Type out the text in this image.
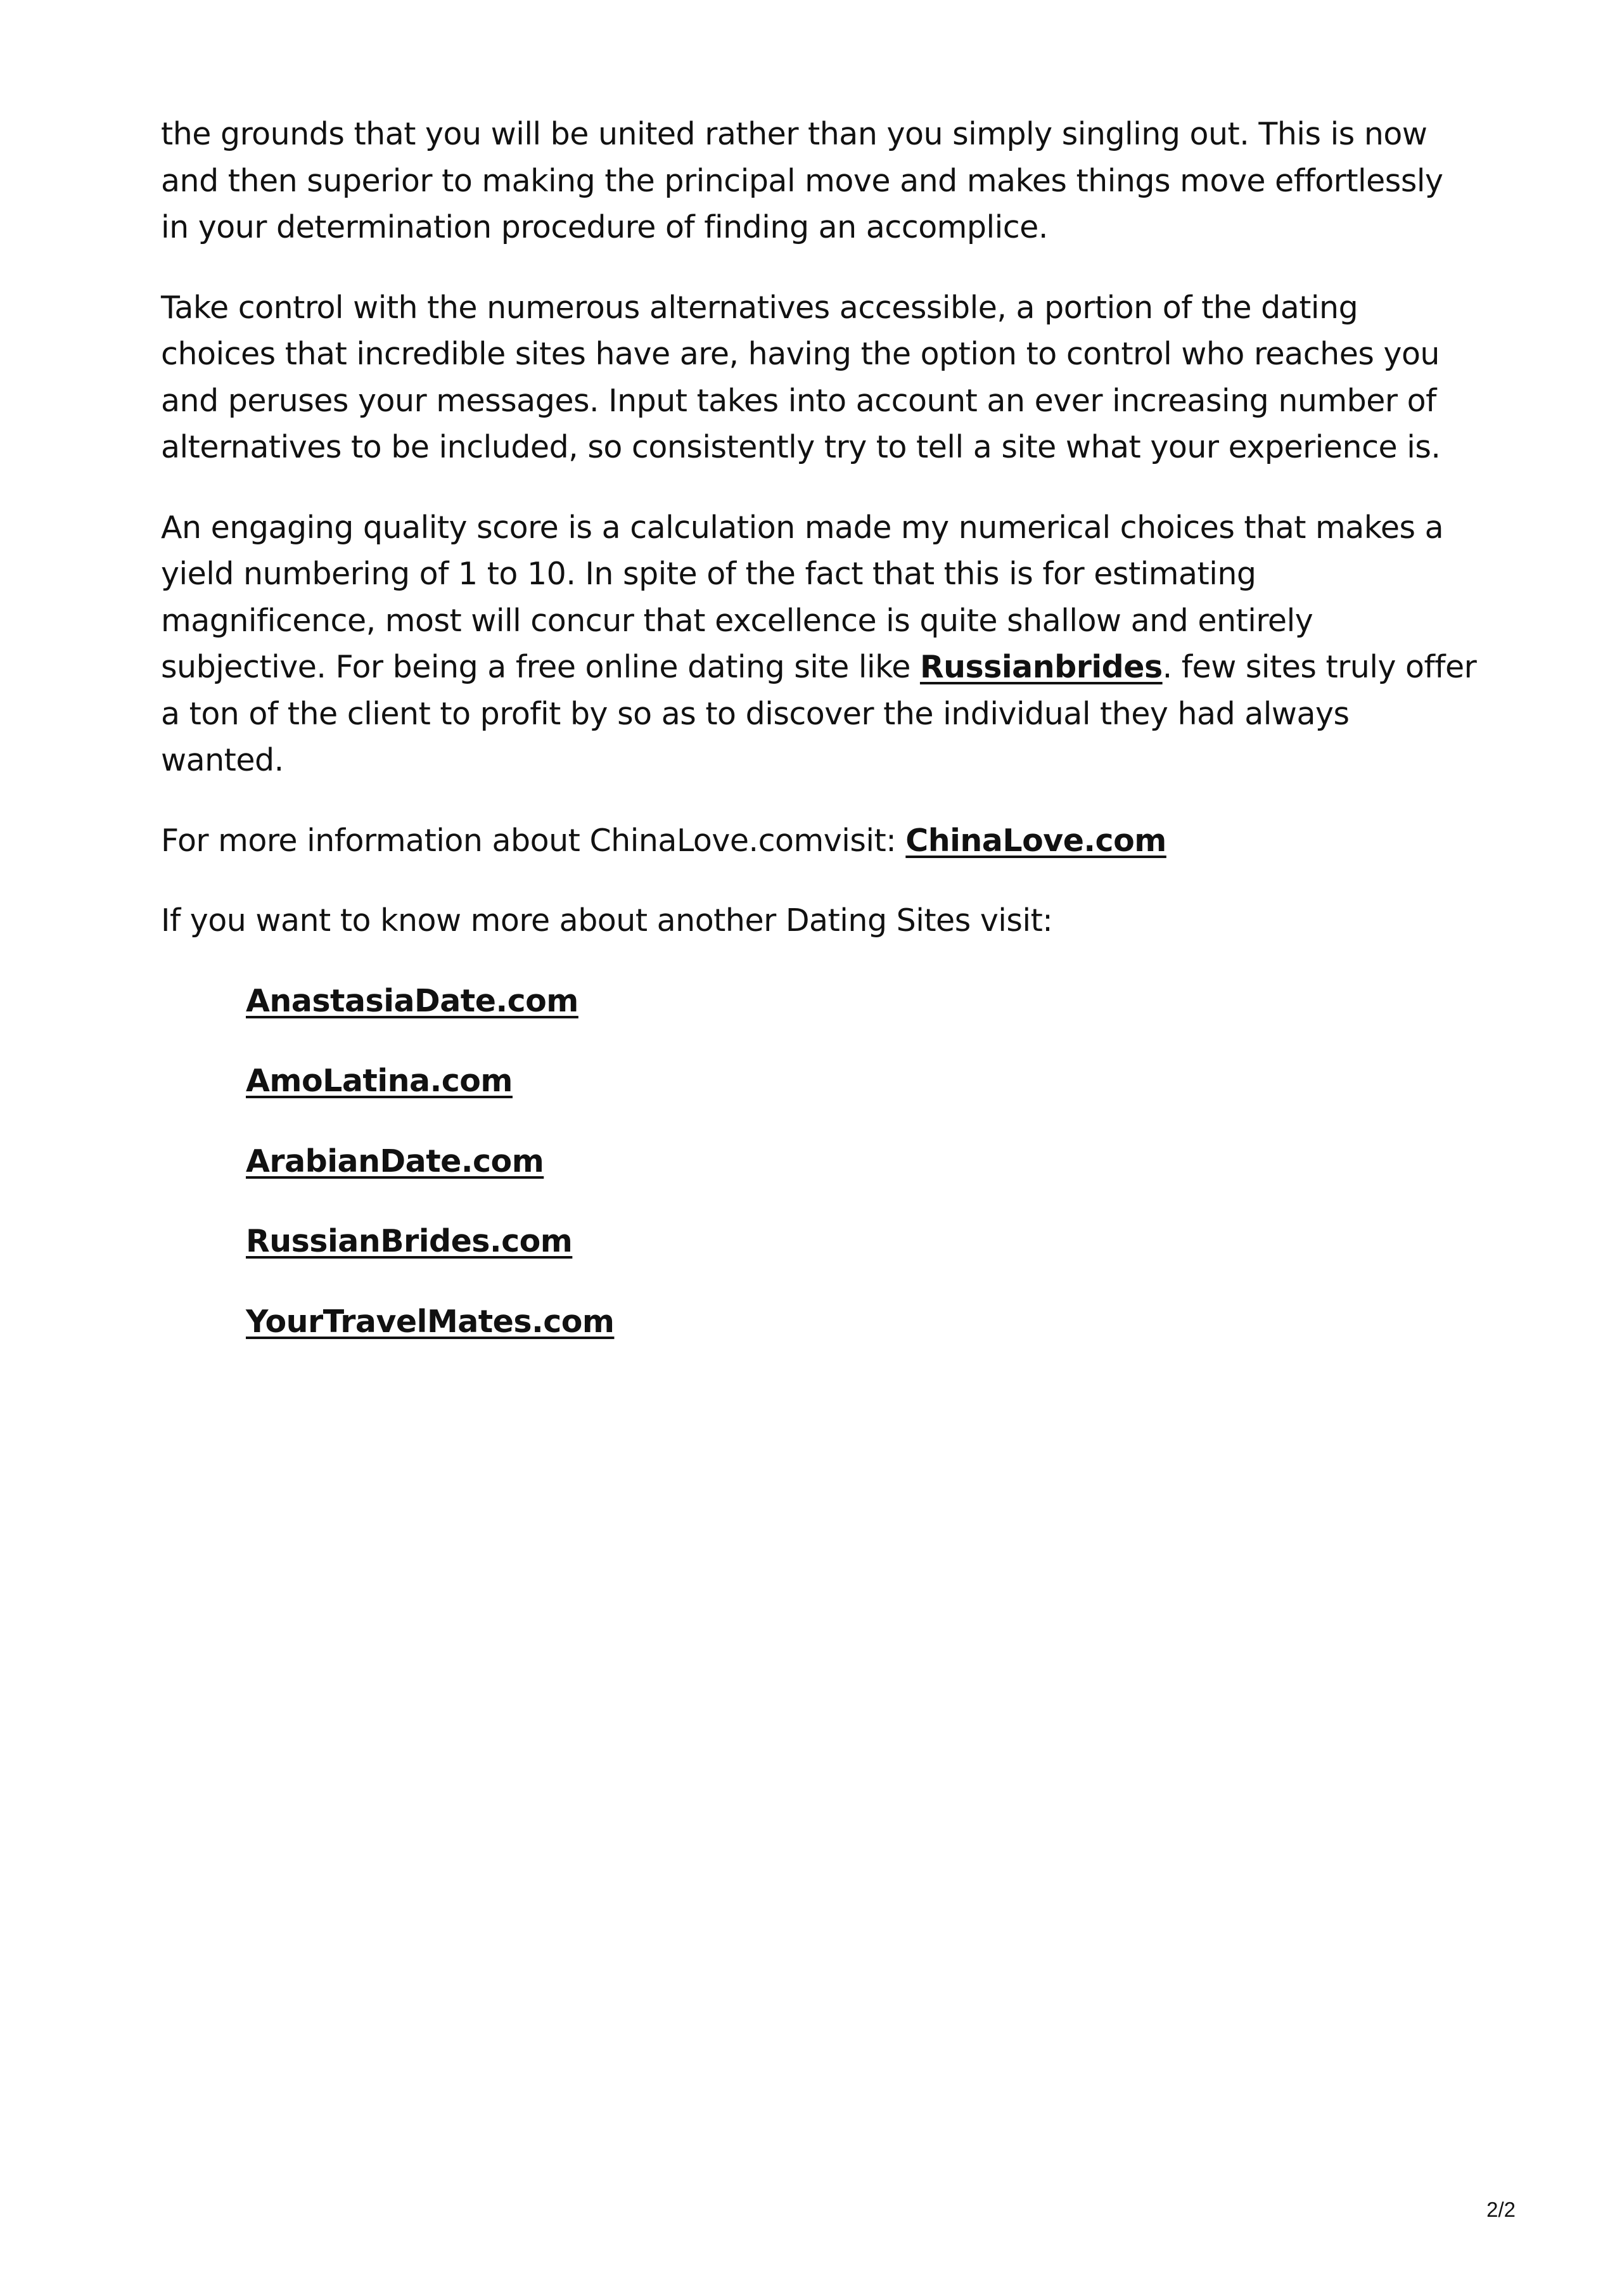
the grounds that you will be united rather than you simply singling out. This is now and then superior to making the principal move and makes things move effortlessly in your determination procedure of finding an accomplice.

Take control with the numerous alternatives accessible, a portion of the dating choices that incredible sites have are, having the option to control who reaches you and peruses your messages. Input takes into account an ever increasing number of alternatives to be included, so consistently try to tell a site what your experience is.

An engaging quality score is a calculation made my numerical choices that makes a yield numbering of 1 to 10. In spite of the fact that this is for estimating magnificence, most will concur that excellence is quite shallow and entirely subjective. For being a free online dating site like Russianbrides. few sites truly offer a ton of the client to profit by so as to discover the individual they had always wanted.

For more information about ChinaLove.comvisit: ChinaLove.com

If you want to know more about another Dating Sites visit:

AnastasiaDate.com
AmoLatina.com
ArabianDate.com
RussianBrides.com
YourTravelMates.com
2/2
